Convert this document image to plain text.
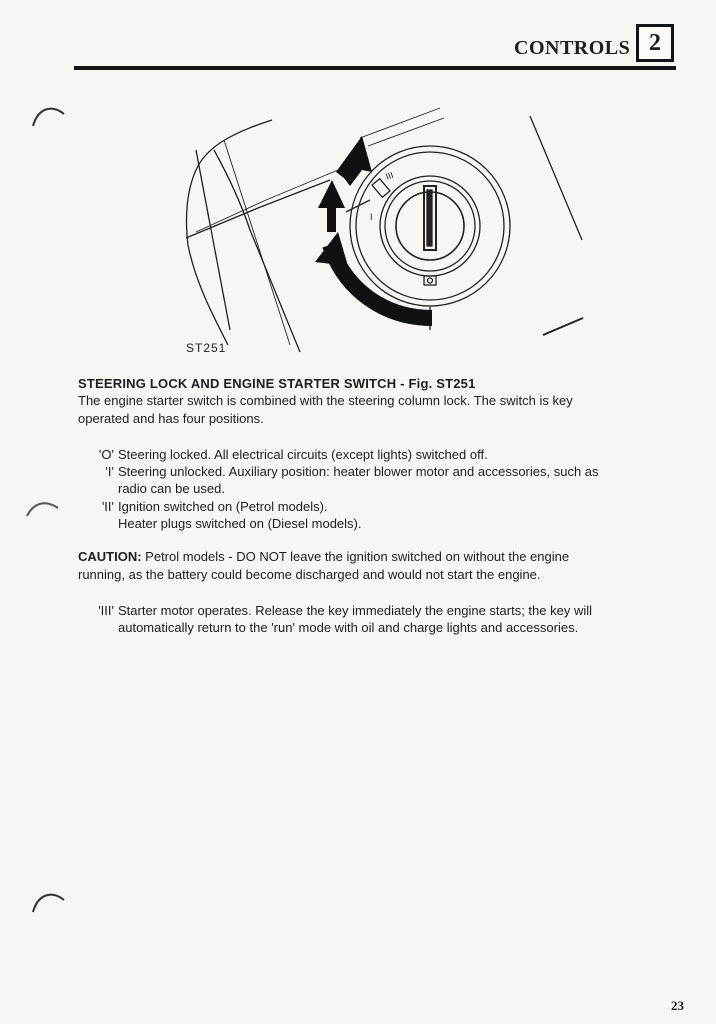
CONTROLS 2
III
I
ST251
STEERING LOCK AND ENGINE STARTER SWITCH - Fig. ST251
The engine starter switch is combined with the steering column lock. The switch is key
operated and has four positions.
'O' Steering locked. All electrical circuits (except lights) switched off.
'I' Steering unlocked. Auxiliary position: heater blower motor and accessories, such as
radio can be used.
'II' Ignition switched on (Petrol models).
Heater plugs switched on (Diesel models).
CAUTION: Petrol models - DO NOT leave the ignition switched on without the engine
running, as the battery could become discharged and would not start the engine.
'III' Starter motor operates. Release the key immediately the engine starts; the key will
automatically return to the 'run' mode with oil and charge lights and accessories.
23
